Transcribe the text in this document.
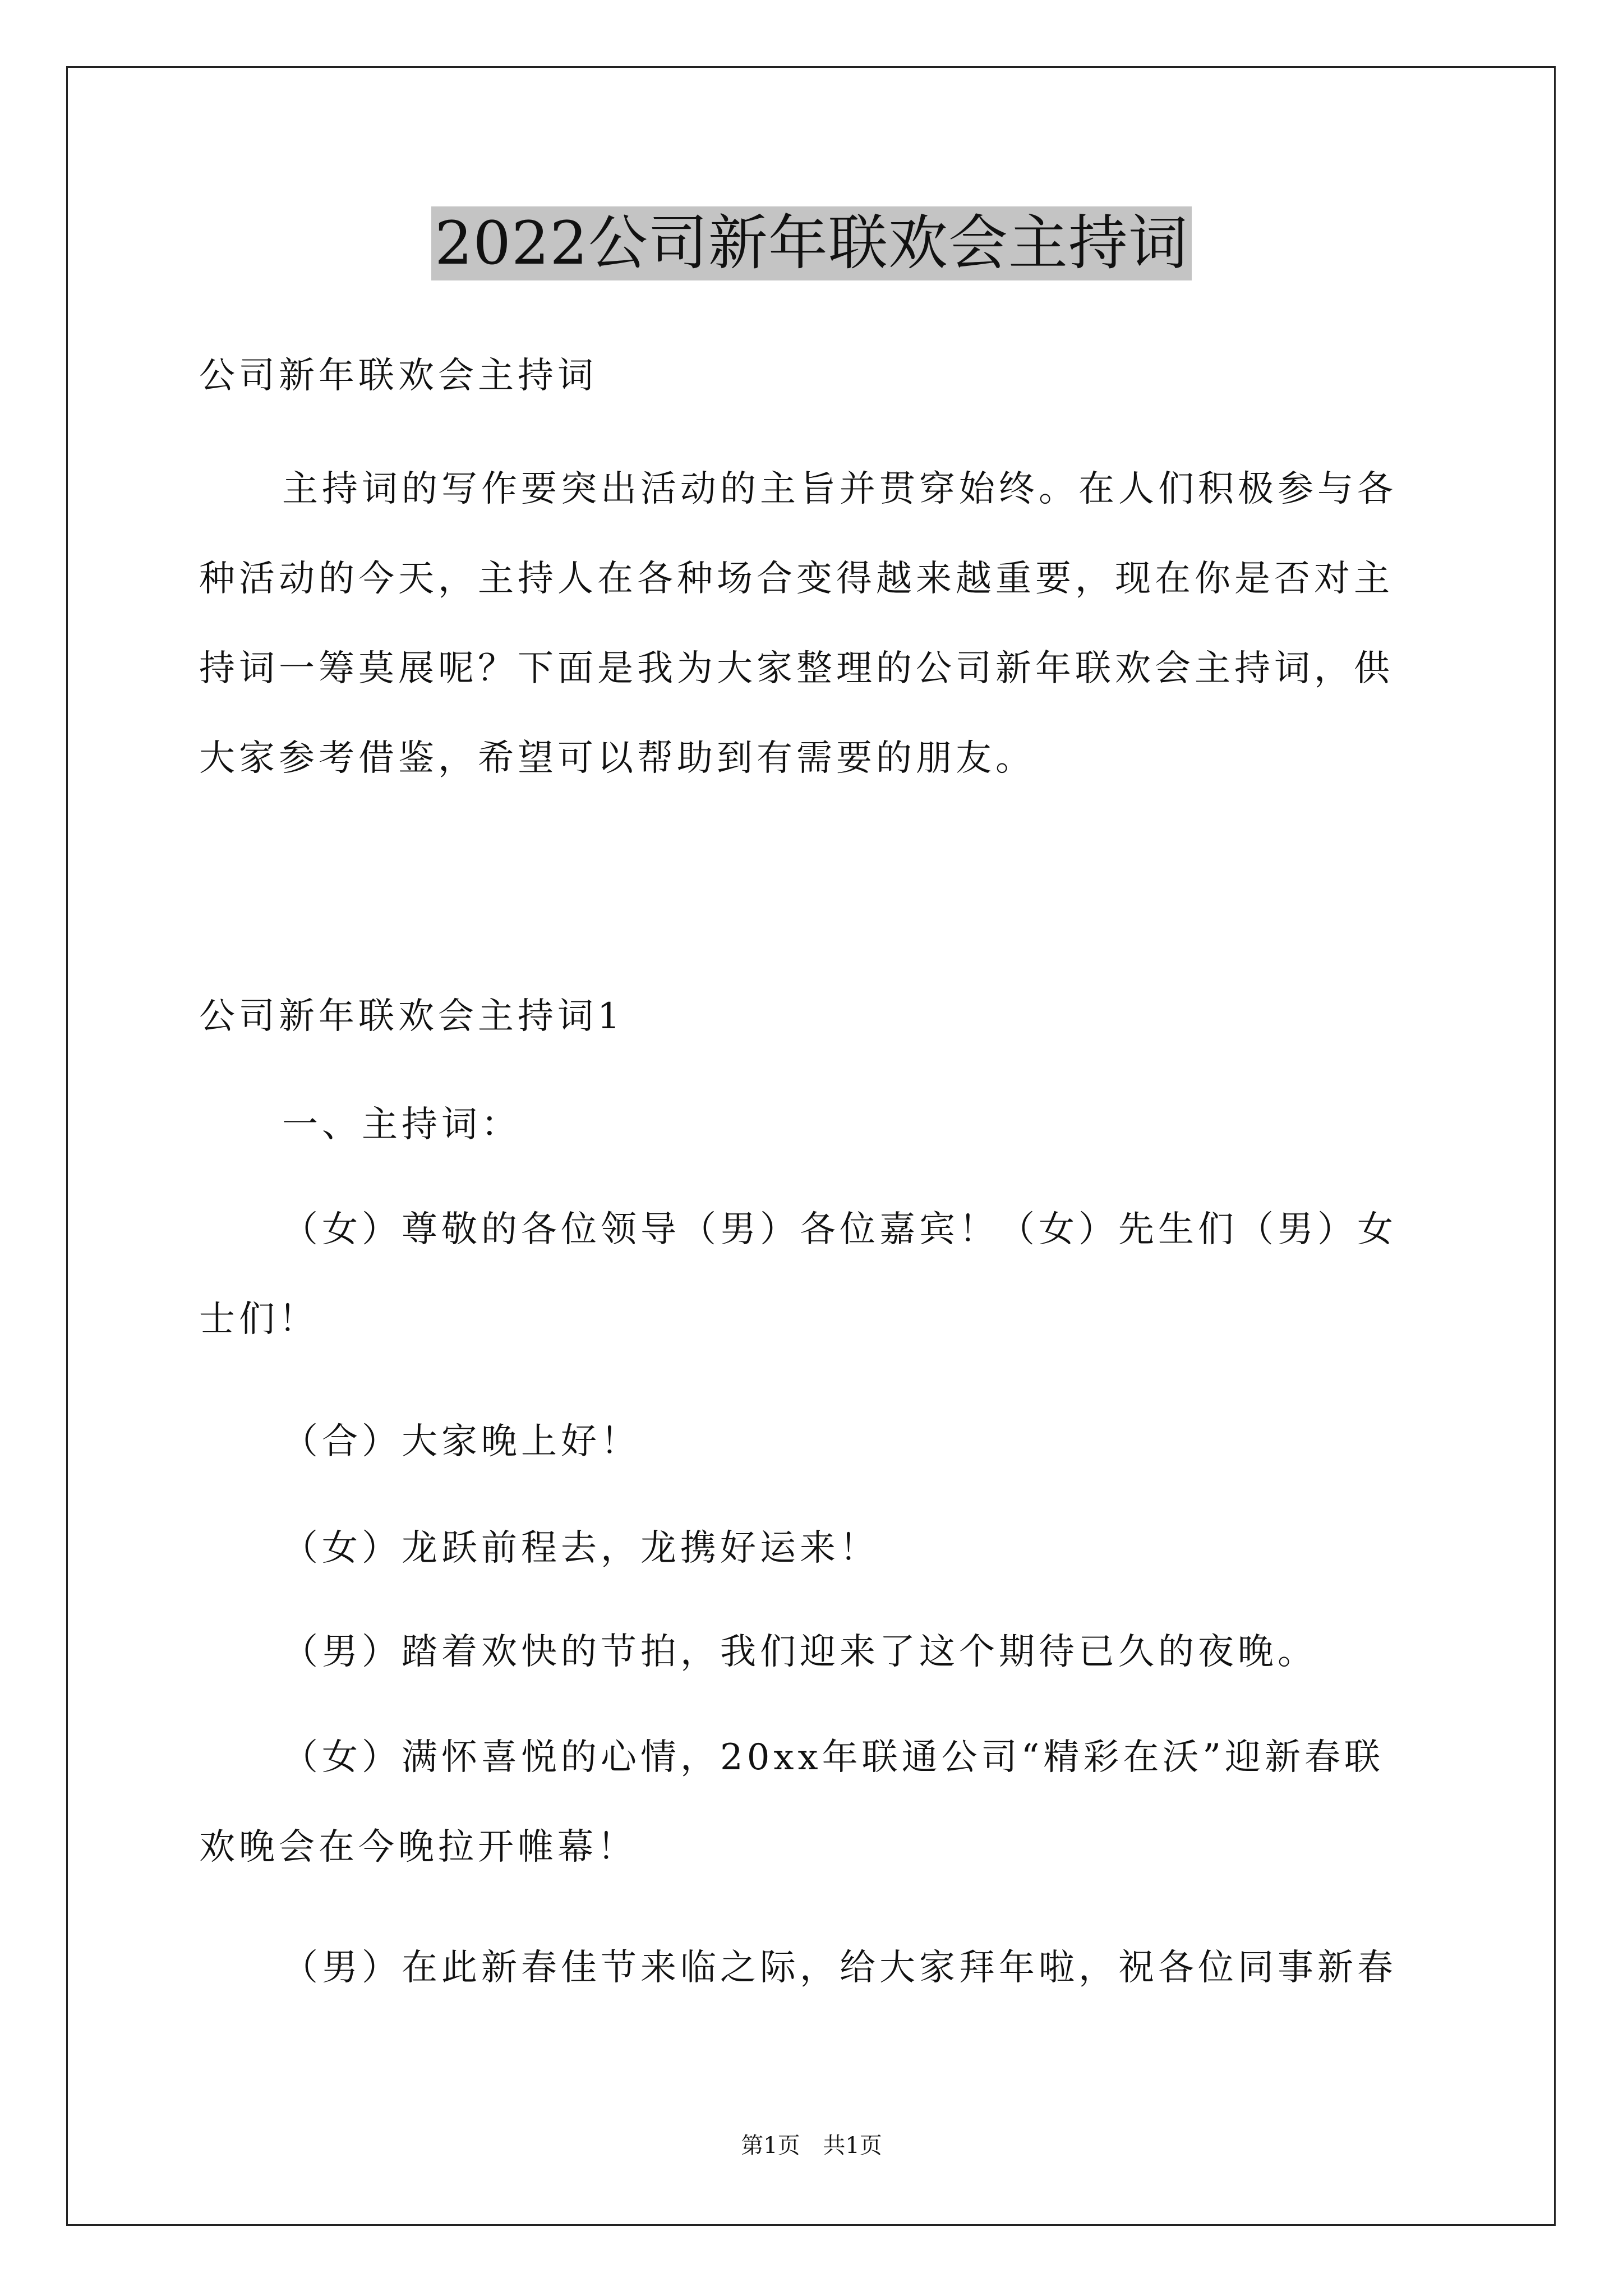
2022公司新年联欢会主持词

公司新年联欢会主持词

主持词的写作要突出活动的主旨并贯穿始终。在人们积极参与各种活动的今天，主持人在各种场合变得越来越重要，现在你是否对主持词一筹莫展呢？下面是我为大家整理的公司新年联欢会主持词，供大家参考借鉴，希望可以帮助到有需要的朋友。

公司新年联欢会主持词1

一、主持词：

（女）尊敬的各位领导（男）各位嘉宾！（女）先生们（男）女士们！

（合）大家晚上好！

（女）龙跃前程去，龙携好运来！

（男）踏着欢快的节拍，我们迎来了这个期待已久的夜晚。

（女）满怀喜悦的心情，20xx年联通公司“精彩在沃”迎新春联欢晚会在今晚拉开帷幕！

（男）在此新春佳节来临之际，给大家拜年啦，祝各位同事新春

第1页 共1页
